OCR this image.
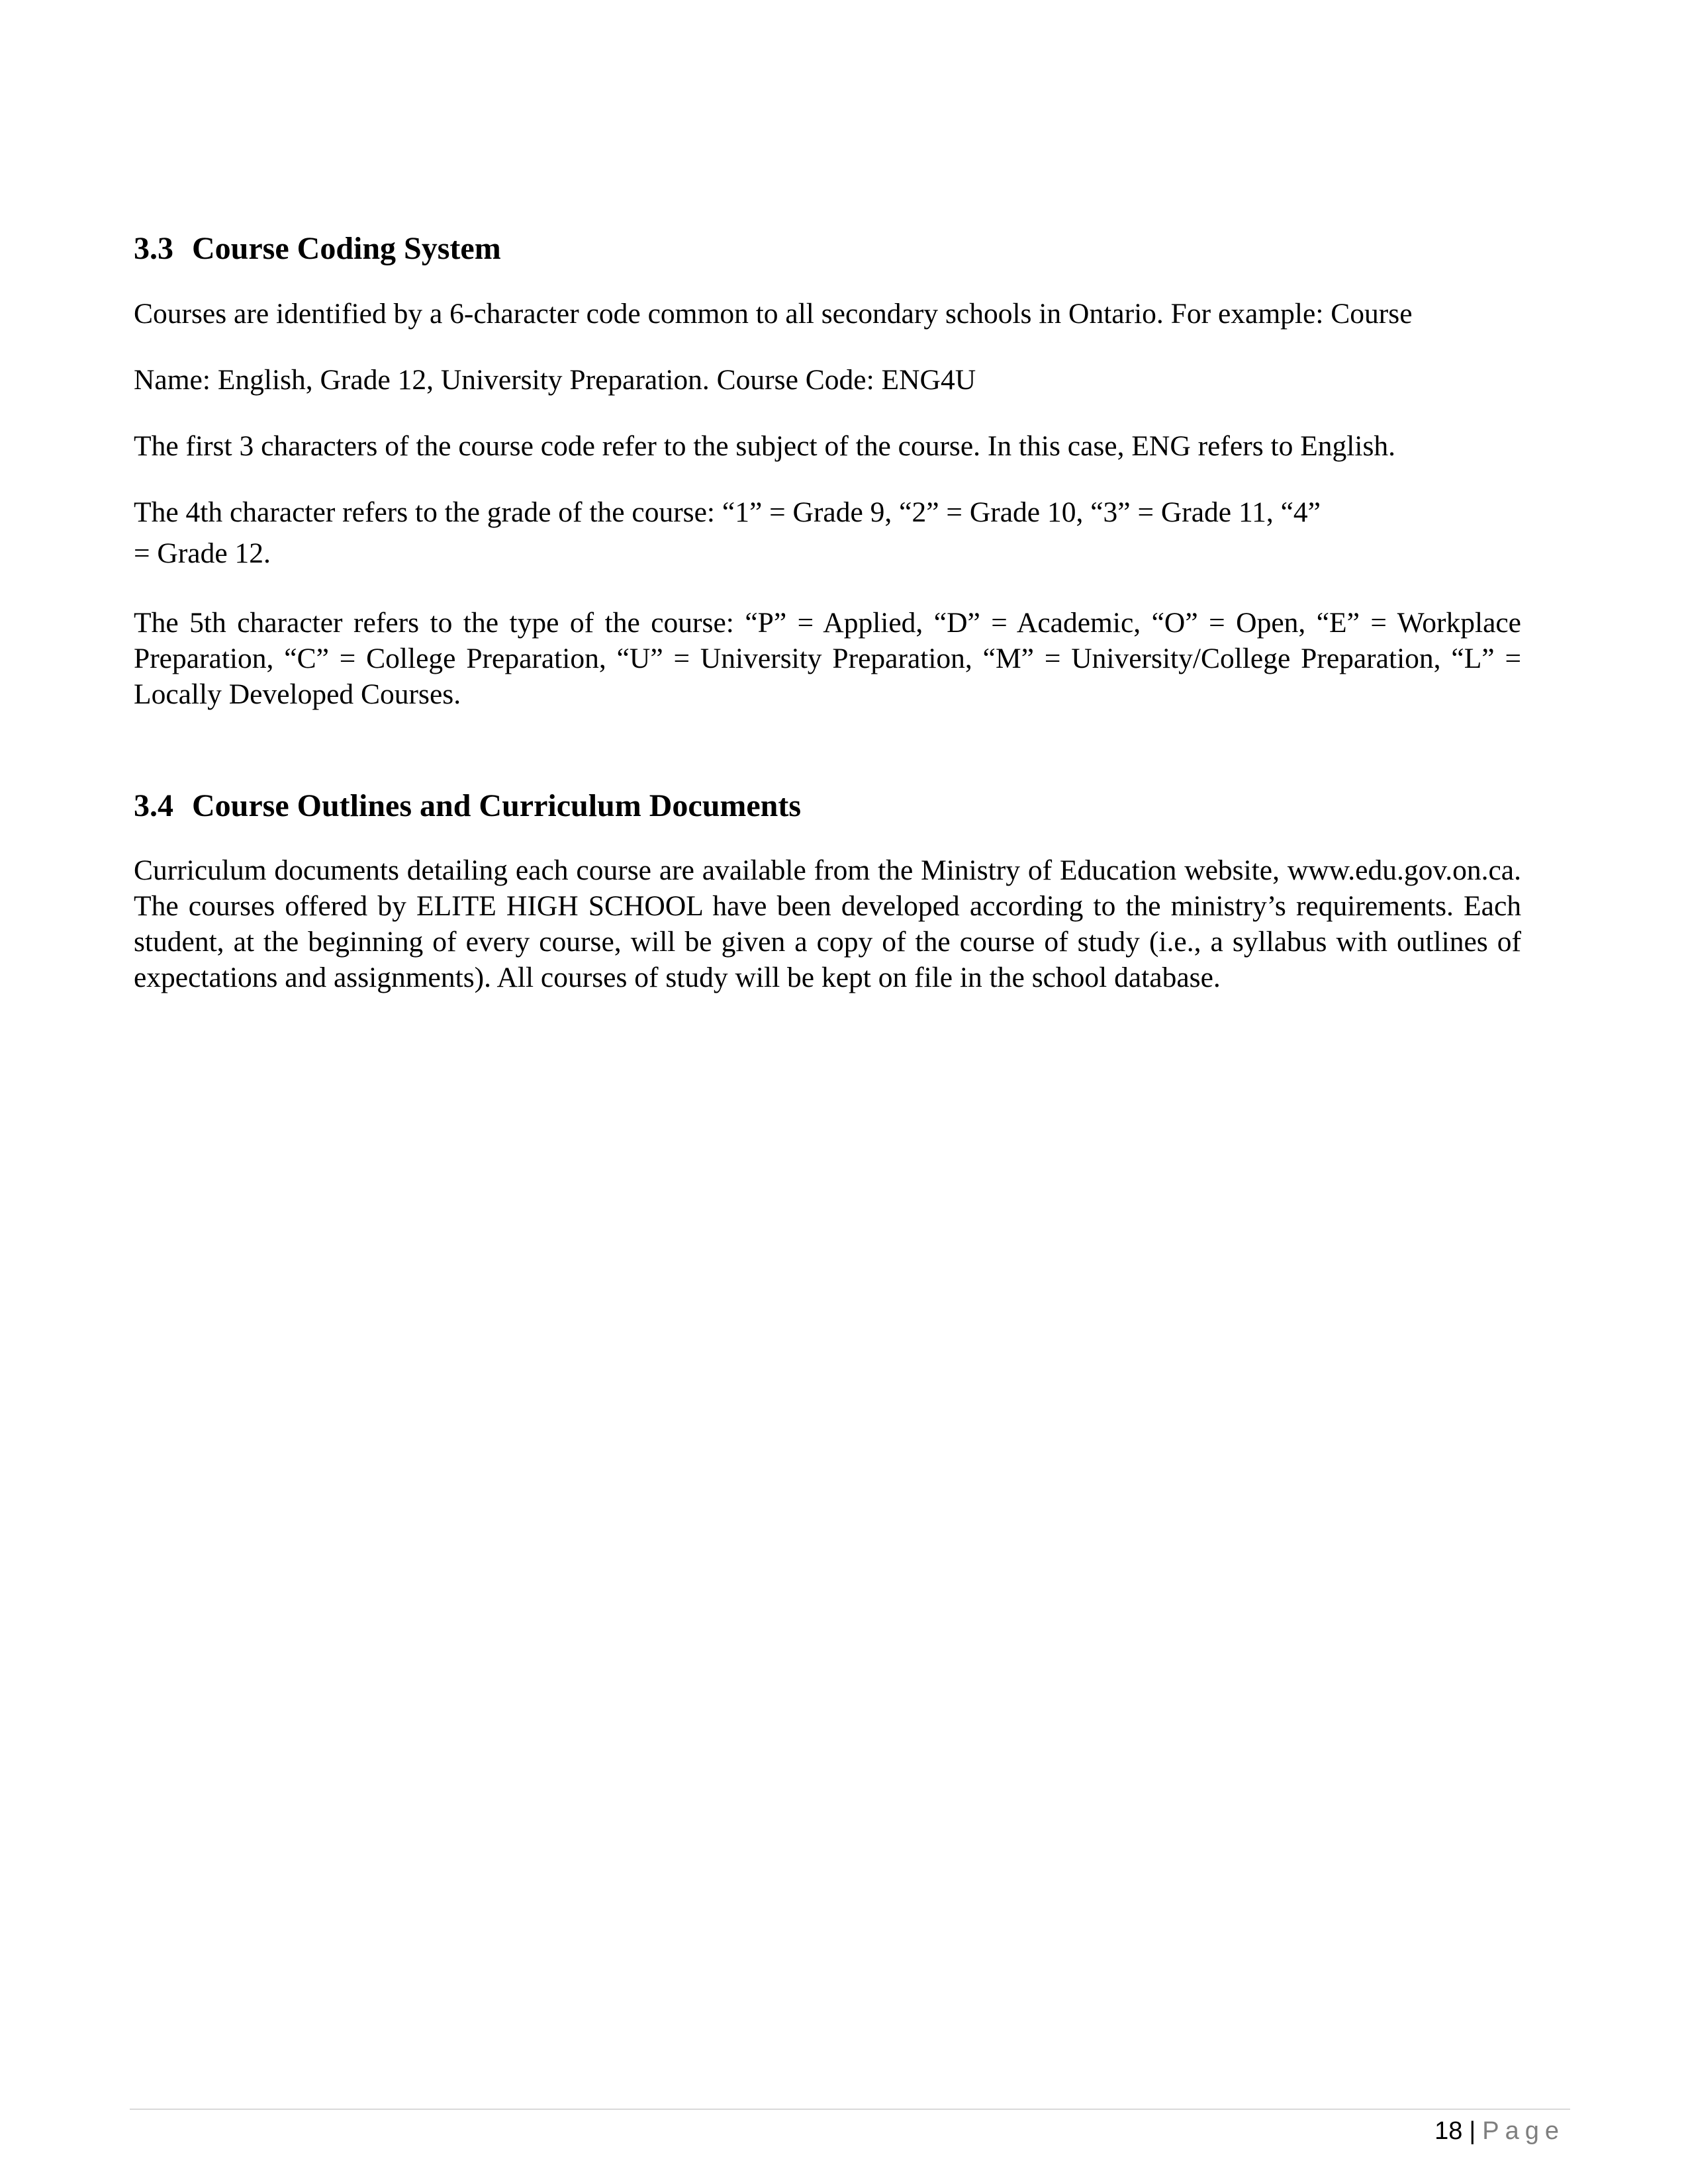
3.3 Course Coding System

Courses are identified by a 6-character code common to all secondary schools in Ontario. For example: Course

Name: English, Grade 12, University Preparation. Course Code: ENG4U

The first 3 characters of the course code refer to the subject of the course. In this case, ENG refers to English.

The 4th character refers to the grade of the course: “1” = Grade 9, “2” = Grade 10, “3” = Grade 11, “4”

= Grade 12.

The 5th character refers to the type of the course: “P” = Applied, “D” = Academic, “O” = Open, “E” = Workplace Preparation, “C” = College Preparation, “U” = University Preparation, “M” = University/College Preparation, “L” = Locally Developed Courses.

3.4 Course Outlines and Curriculum Documents

Curriculum documents detailing each course are available from the Ministry of Education website, www.edu.gov.on.ca. The courses offered by ELITE HIGH SCHOOL have been developed according to the ministry’s requirements. Each student, at the beginning of every course, will be given a copy of the course of study (i.e., a syllabus with outlines of expectations and assignments). All courses of study will be kept on file in the school database.

18 | Page
